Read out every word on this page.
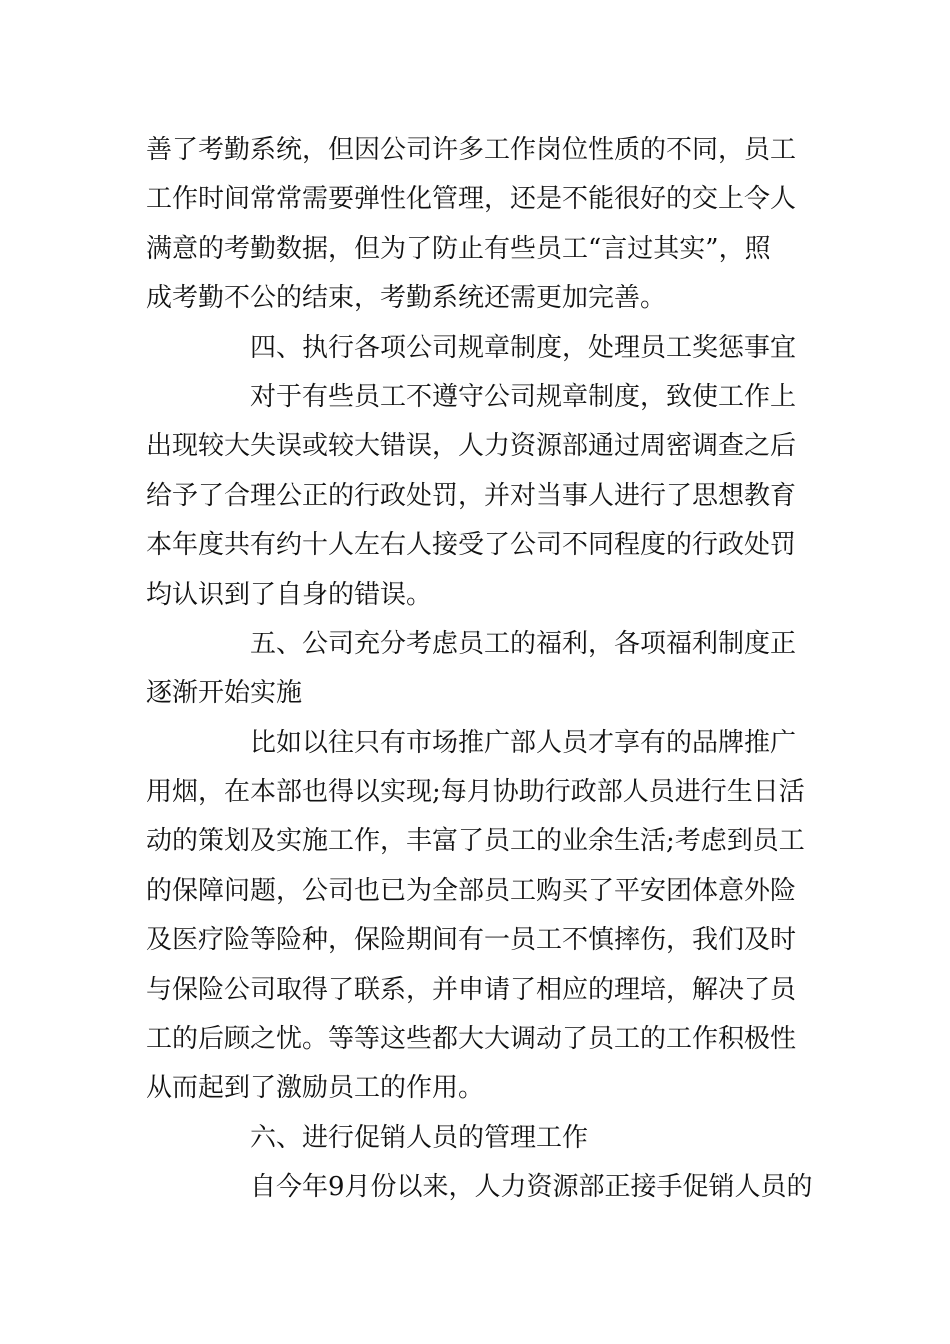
善了考勤系统，但因公司许多工作岗位性质的不同，员工
工作时间常常需要弹性化管理，还是不能很好的交上令人
满意的考勤数据，但为了防止有些员工“言过其实”，照
成考勤不公的结束，考勤系统还需更加完善。
四、执行各项公司规章制度，处理员工奖惩事宜
对于有些员工不遵守公司规章制度，致使工作上
出现较大失误或较大错误，人力资源部通过周密调查之后
给予了合理公正的行政处罚，并对当事人进行了思想教育
本年度共有约十人左右人接受了公司不同程度的行政处罚
均认识到了自身的错误。
五、公司充分考虑员工的福利，各项福利制度正
逐渐开始实施
比如以往只有市场推广部人员才享有的品牌推广
用烟，在本部也得以实现;每月协助行政部人员进行生日活
动的策划及实施工作，丰富了员工的业余生活;考虑到员工
的保障问题，公司也已为全部员工购买了平安团体意外险
及医疗险等险种，保险期间有一员工不慎摔伤，我们及时
与保险公司取得了联系，并申请了相应的理培，解决了员
工的后顾之忧。等等这些都大大调动了员工的工作积极性
从而起到了激励员工的作用。
六、进行促销人员的管理工作
自今年9月份以来，人力资源部正接手促销人员的
